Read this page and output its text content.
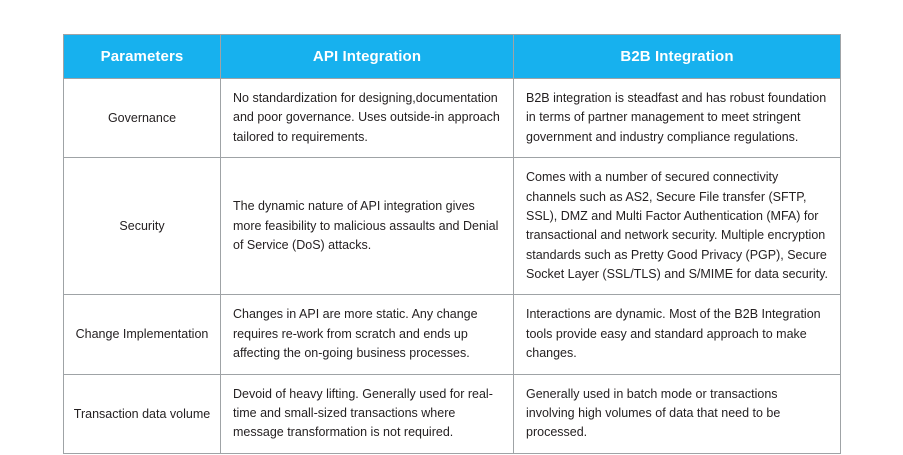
Parameters	API Integration	B2B Integration
Governance	No standardization for designing,documentation and poor governance. Uses outside-in approach tailored to requirements.	B2B integration is steadfast and has robust foundation in terms of partner management to meet stringent government and industry compliance regulations.
Security	The dynamic nature of API integration gives more feasibility to malicious assaults and Denial of Service (DoS) attacks.	Comes with a number of secured connectivity channels such as AS2, Secure File transfer (SFTP, SSL), DMZ and Multi Factor Authentication (MFA) for transactional and network security. Multiple encryption standards such as Pretty Good Privacy (PGP), Secure Socket Layer (SSL/TLS) and S/MIME for data security.
Change Implementation	Changes in API are more static. Any change requires re-work from scratch and ends up affecting the on-going business processes.	Interactions are dynamic. Most of the B2B Integration tools provide easy and standard approach to make changes.
Transaction data volume	Devoid of heavy lifting. Generally used for real-time and small-sized transactions where message transformation is not required.	Generally used in batch mode or transactions involving high volumes of data that need to be processed.
